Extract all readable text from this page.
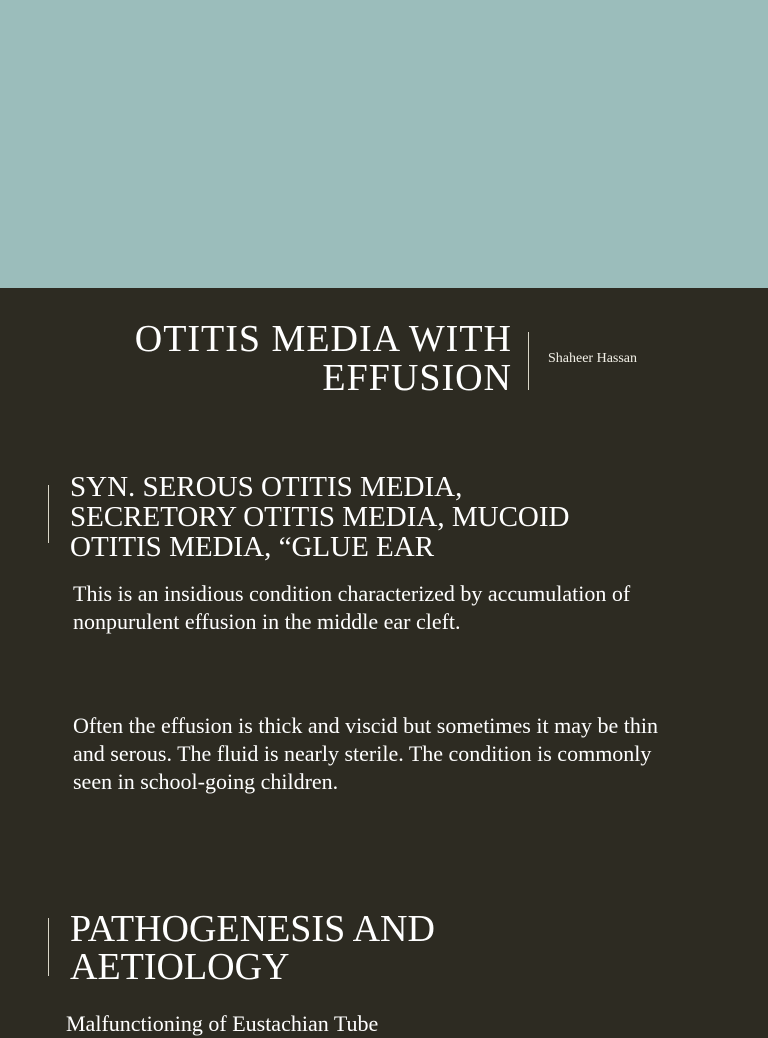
OTITIS MEDIA WITH
EFFUSION	Shaheer Hassan
SYN. SEROUS OTITIS MEDIA,
SECRETORY OTITIS MEDIA, MUCOID
OTITIS MEDIA, “GLUE EAR

This is an insidious condition characterized by accumulation of nonpurulent effusion in the middle ear cleft.

Often the effusion is thick and viscid but sometimes it may be thin and serous. The fluid is nearly sterile. The condition is commonly seen in school-going children.

PATHOGENESIS AND
AETIOLOGY
Malfunctioning of Eustachian Tube
